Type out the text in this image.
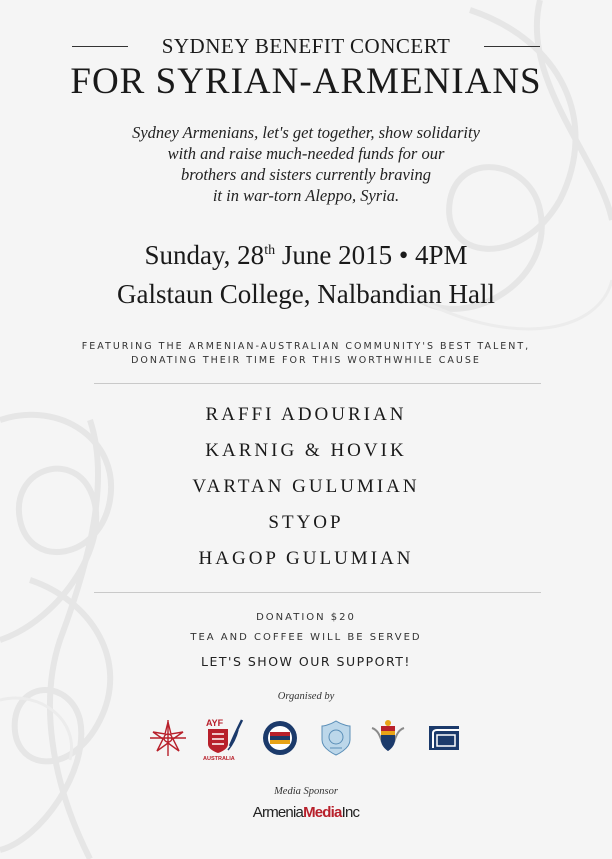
SYDNEY BENEFIT CONCERT
FOR SYRIAN-ARMENIANS
Sydney Armenians, let's get together, show solidarity
with and raise much-needed funds for our
brothers and sisters currently braving
it in war-torn Aleppo, Syria.
Sunday, 28th June 2015 • 4PM
Galstaun College, Nalbandian Hall
FEATURING THE ARMENIAN-AUSTRALIAN COMMUNITY'S BEST TALENT,
DONATING THEIR TIME FOR THIS WORTHWHILE CAUSE
RAFFI ADOURIAN
KARNIG & HOVIK
VARTAN GULUMIAN
STYOP
HAGOP GULUMIAN
DONATION $20
TEA AND COFFEE WILL BE SERVED
LET'S SHOW OUR SUPPORT!
Organised by
AYF
AUSTRALIA
Media Sponsor
ArmeniaMediaInc
